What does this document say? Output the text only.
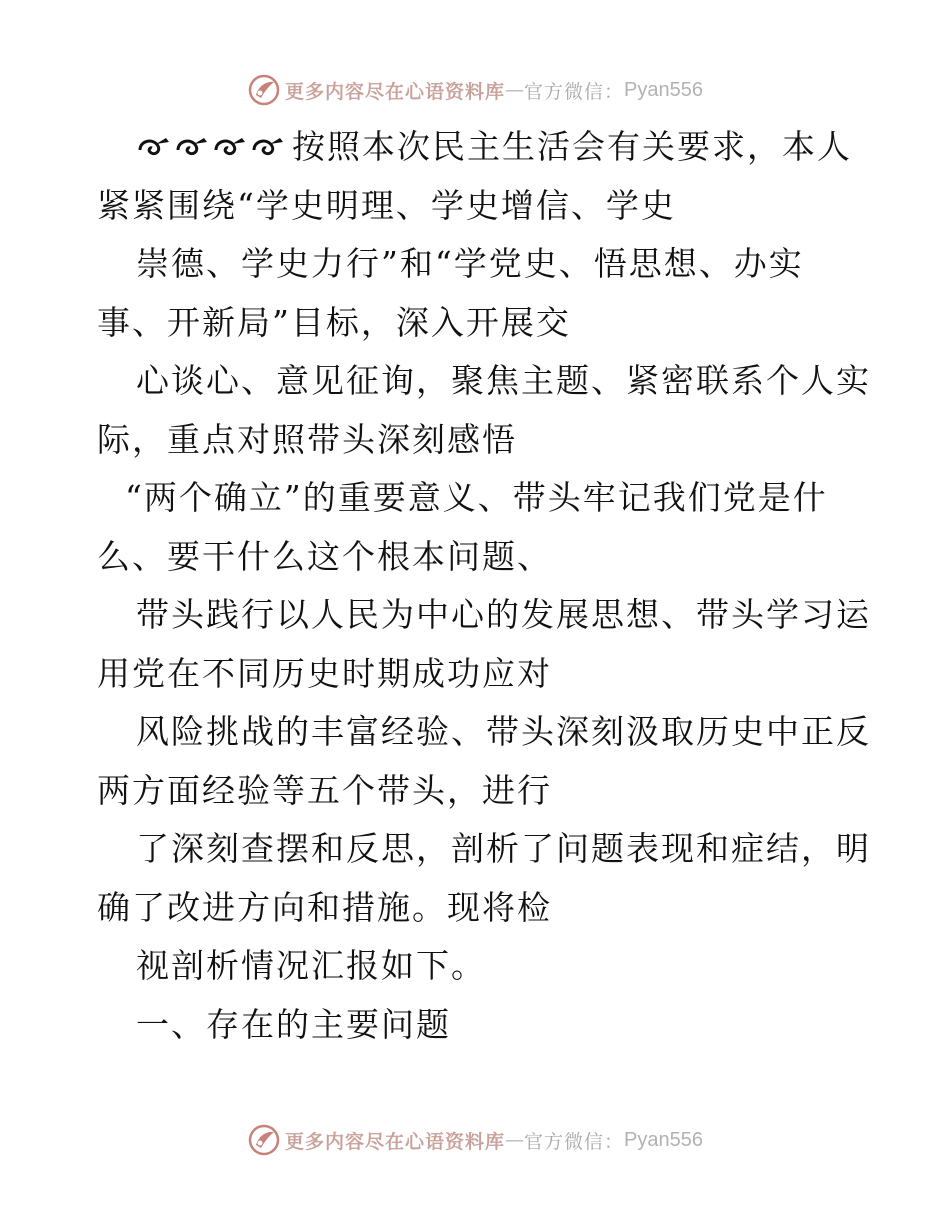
更多内容尽在心语资料库 — 官方微信： Pyan556
按照本次民主生活会有关要求，本人
紧紧围绕“学史明理、学史增信、学史
崇德、学史力行”和“学党史、悟思想、办实
事、开新局”目标，深入开展交
心谈心、意见征询，聚焦主题、紧密联系个人实
际，重点对照带头深刻感悟
“两个确立”的重要意义、带头牢记我们党是什
么、要干什么这个根本问题、
带头践行以人民为中心的发展思想、带头学习运
用党在不同历史时期成功应对
风险挑战的丰富经验、带头深刻汲取历史中正反
两方面经验等五个带头，进行
了深刻查摆和反思，剖析了问题表现和症结，明
确了改进方向和措施。现将检
视剖析情况汇报如下。
一、存在的主要问题
更多内容尽在心语资料库 — 官方微信： Pyan556
